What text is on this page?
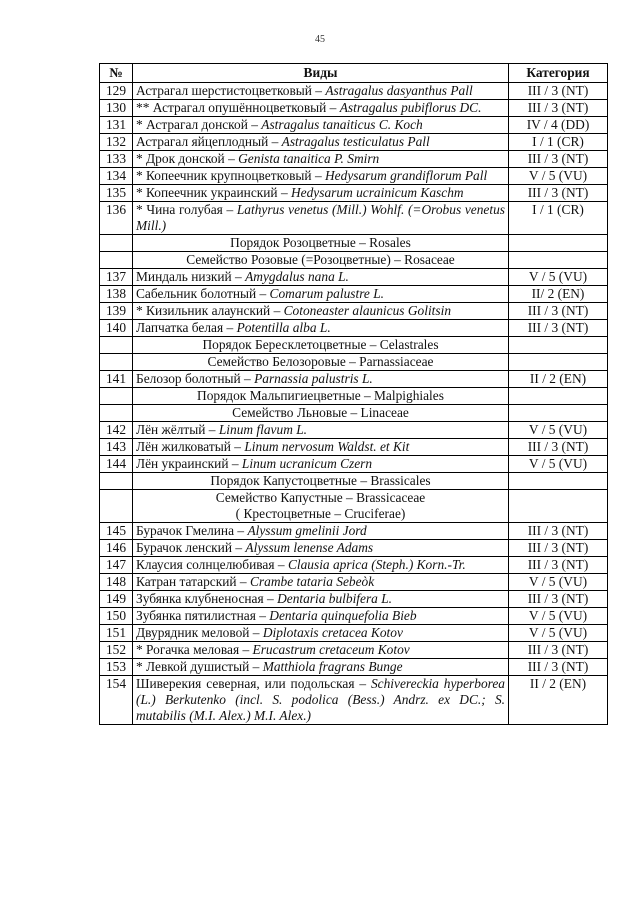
45
№	Виды	Категория
129	Астрагал шерстистоцветковый – Astragalus dasyanthus Pall	III / 3 (NT)
130	** Астрагал опушённоцветковый – Astragalus pubiflorus DC.	III / 3 (NT)
131	* Астрагал донской – Astragalus tanaiticus C. Koch	IV / 4 (DD)
132	Астрагал яйцеплодный – Astragalus testiculatus Pall	I / 1 (CR)
133	* Дрок донской – Genista tanaitica P. Smirn	III / 3 (NT)
134	* Копеечник крупноцветковый – Hedysarum grandiflorum Pall	V / 5 (VU)
135	* Копеечник украинский – Hedysarum ucrainicum Kaschm	III / 3 (NT)
136	* Чина голубая – Lathyrus venetus (Mill.) Wohlf. (=Orobus venetus Mill.)	I / 1 (CR)

	Порядок Розоцветные – Rosales	

	Семейство Розовые (=Розоцветные) – Rosaceae	

137	Миндаль низкий – Amygdalus nana L.	V / 5 (VU)
138	Сабельник болотный – Comarum palustre L.	II/ 2 (EN)
139	* Кизильник алаунский – Cotoneaster alaunicus Golitsin	III / 3 (NT)
140	Лапчатка белая – Potentilla alba L.	III / 3 (NT)

	Порядок Бересклетоцветные – Celastrales	

	Семейство Белозоровые – Parnassiaceae	

141	Белозор болотный – Parnassia palustris L.	II / 2 (EN)

	Порядок Мальпигиецветные – Malpighiales	

	Семейство Льновые – Linaceae	

142	Лён жёлтый – Linum flavum L.	V / 5 (VU)
143	Лён жилковатый – Linum nervosum Waldst. et Kit	III / 3 (NT)
144	Лён украинский – Linum ucranicum Czern	V / 5 (VU)

	Порядок Капустоцветные – Brassicales	

	Семейство Капустные – Brassicaceae
( Крестоцветные – Cruciferae)	

145	Бурачок Гмелина – Alyssum gmelinii Jord	III / 3 (NT)
146	Бурачок ленский – Alyssum lenense Adams	III / 3 (NT)
147	Клаусия солнцелюбивая – Clausia aprica (Steph.) Korn.-Tr.	III / 3 (NT)
148	Катран татарский – Crambe tataria Sebeòk	V / 5 (VU)
149	Зубянка клубненосная – Dentaria bulbifera L.	III / 3 (NT)
150	Зубянка пятилистная – Dentaria quinquefolia Bieb	V / 5 (VU)
151	Двурядник меловой – Diplotaxis cretacea Kotov	V / 5 (VU)
152	* Рогачка меловая – Erucastrum cretaceum Kotov	III / 3 (NT)
153	* Левкой душистый – Matthiola fragrans Bunge	III / 3 (NT)
154	Шиверекия северная, или подольская – Schivereckia hyperborea (L.) Berkutenko (incl. S. podolica (Bess.) Andrz. ex DC.; S. mutabilis (M.I. Alex.) M.I. Alex.)	II / 2 (EN)
